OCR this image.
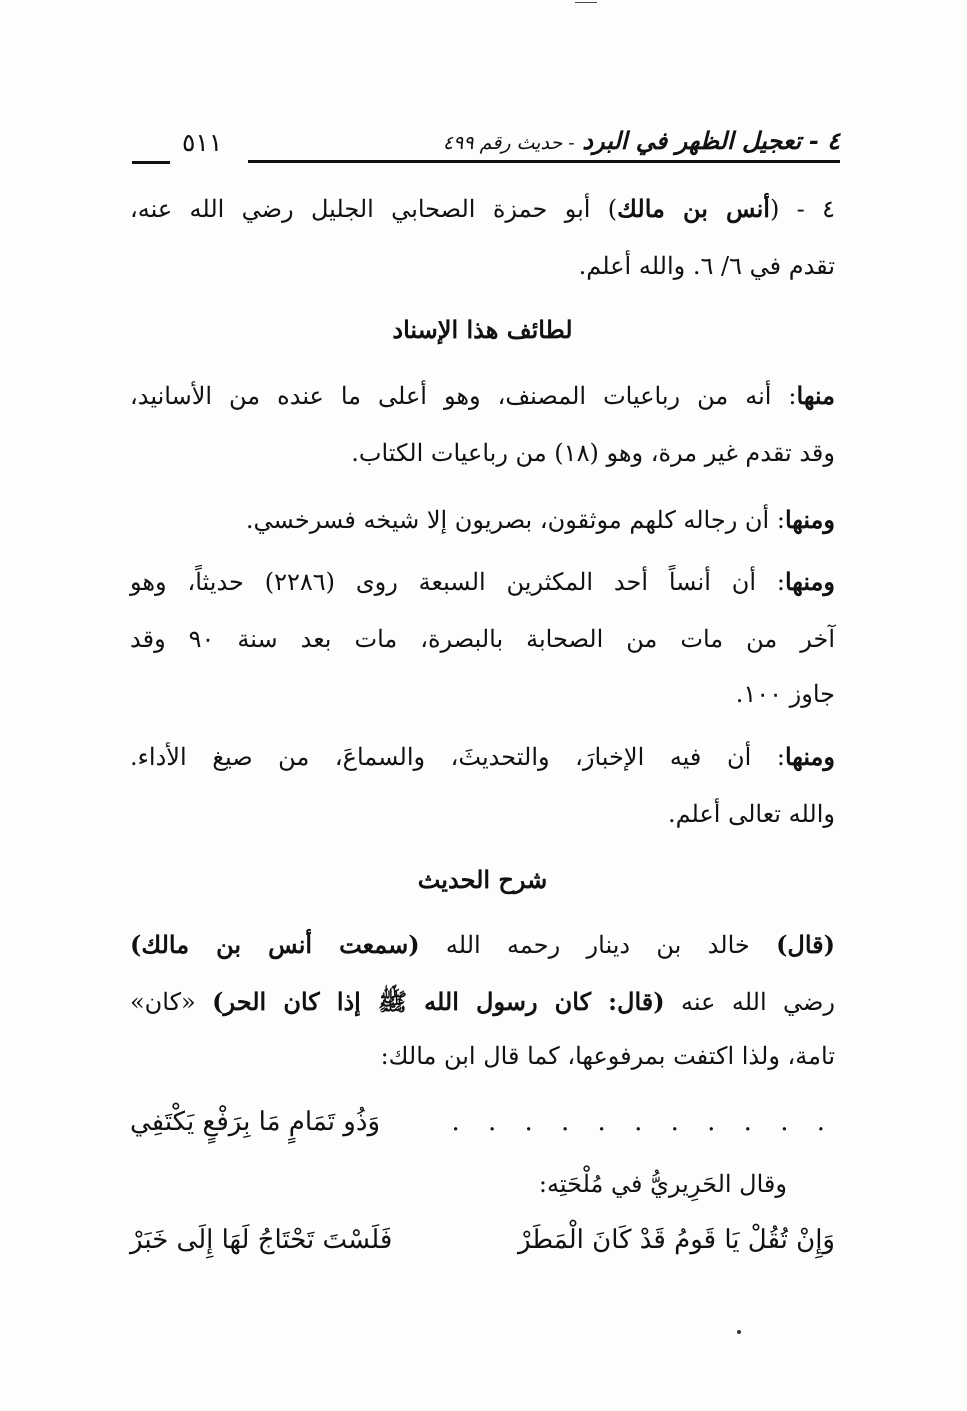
٤ - تعجيل الظهر في البرد - حديث رقم ٤٩٩
٥١١
٤ - (أنس بن مالك) أبو حمزة الصحابي الجليل رضي الله عنه،
تقدم في ٦/ ٦. والله أعلم.
لطائف هذا الإسناد
منها: أنه من رباعيات المصنف، وهو أعلى ما عنده من الأسانيد،
وقد تقدم غير مرة، وهو (١٨) من رباعيات الكتاب.
ومنها: أن رجاله كلهم موثقون، بصريون إلا شيخه فسرخسي.
ومنها: أن أنساً أحد المكثرين السبعة روى (٢٢٨٦) حديثاً، وهو
آخر من مات من الصحابة بالبصرة، مات بعد سنة ٩٠ وقد
جاوز ١٠٠.
ومنها: أن فيه الإخبارَ، والتحديثَ، والسماعَ، من صيغ الأداء.
والله تعالى أعلم.
شرح الحديث
(قال) خالد بن دينار رحمه الله (سمعت أنس بن مالك)
رضي الله عنه (قال: كان رسول الله ﷺ إذا كان الحر) «كان»
تامة، ولذا اكتفت بمرفوعها، كما قال ابن مالك:
. . . . . . . . . . .
وَذُو تَمَامٍ مَا بِرَفْعٍ يَكْتَفِي
وقال الحَرِيريُّ في مُلْحَتِه:
وَإِنْ تُقُلْ يَا قَومُ قَدْ كَانَ الْمَطَرْ
فَلَسْتَ تَحْتَاجُ لَهَا إِلَى خَبَرْ
